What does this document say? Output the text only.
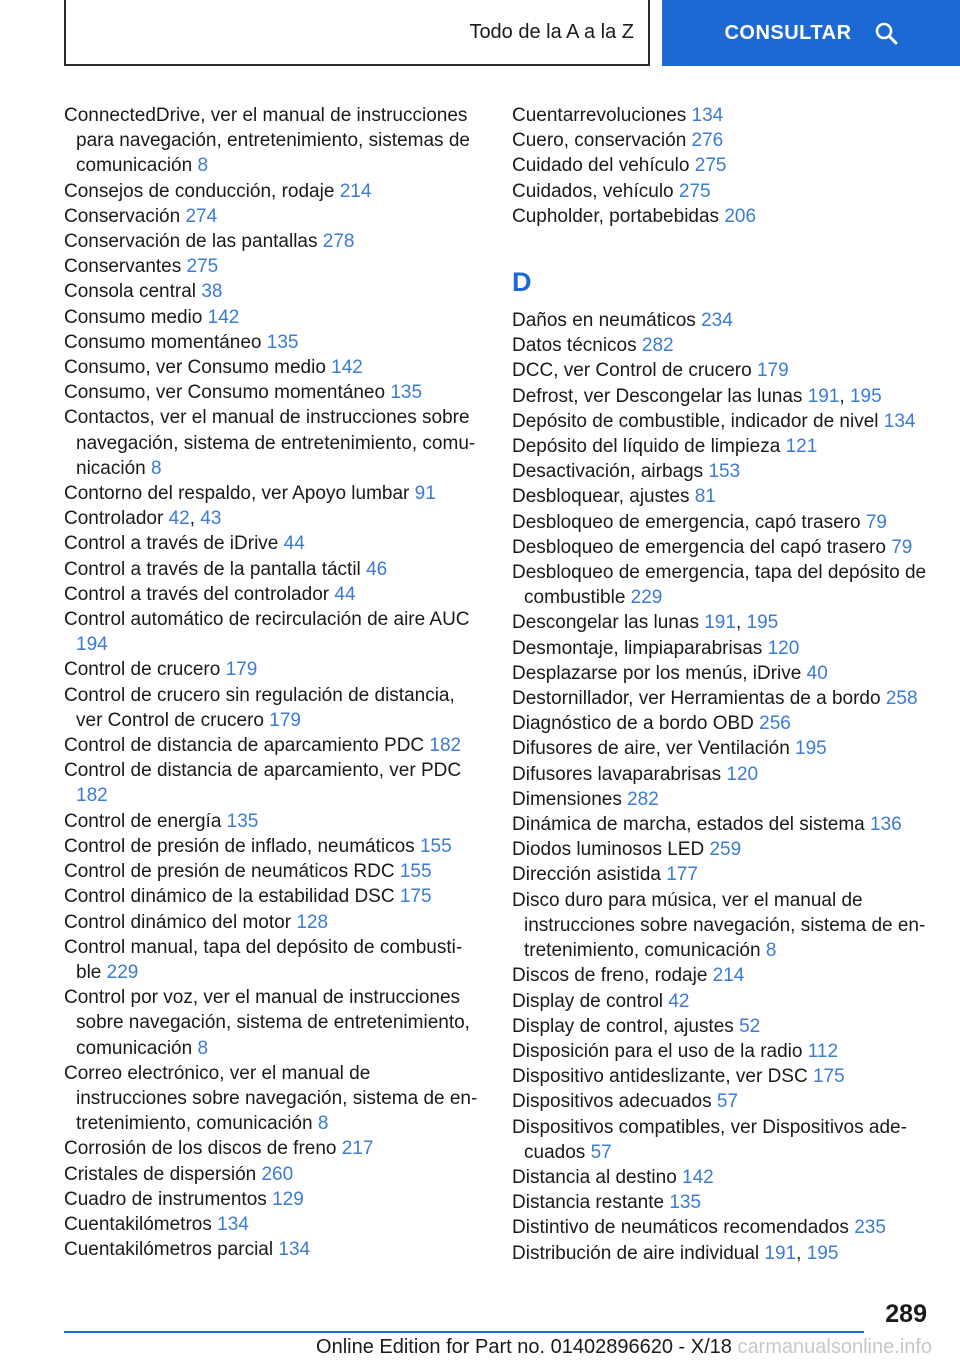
Todo de la A a la Z	CONSULTAR
ConnectedDrive, ver el manual de instrucciones para navegación, entretenimiento, sistemas de comunicación 8
Consejos de conducción, rodaje 214
Conservación 274
Conservación de las pantallas 278
Conservantes 275
Consola central 38
Consumo medio 142
Consumo momentáneo 135
Consumo, ver Consumo medio 142
Consumo, ver Consumo momentáneo 135
Contactos, ver el manual de instrucciones sobre navegación, sistema de entretenimiento, comunicación 8
Contorno del respaldo, ver Apoyo lumbar 91
Controlador 42, 43
Control a través de iDrive 44
Control a través de la pantalla táctil 46
Control a través del controlador 44
Control automático de recirculación de aire AUC 194
Control de crucero 179
Control de crucero sin regulación de distancia, ver Control de crucero 179
Control de distancia de aparcamiento PDC 182
Control de distancia de aparcamiento, ver PDC 182
Control de energía 135
Control de presión de inflado, neumáticos 155
Control de presión de neumáticos RDC 155
Control dinámico de la estabilidad DSC 175
Control dinámico del motor 128
Control manual, tapa del depósito de combustible 229
Control por voz, ver el manual de instrucciones sobre navegación, sistema de entretenimiento, comunicación 8
Correo electrónico, ver el manual de instrucciones sobre navegación, sistema de entretenimiento, comunicación 8
Corrosión de los discos de freno 217
Cristales de dispersión 260
Cuadro de instrumentos 129
Cuentakilómetros 134
Cuentakilómetros parcial 134
Cuentarrevoluciones 134
Cuero, conservación 276
Cuidado del vehículo 275
Cuidados, vehículo 275
Cupholder, portabebidas 206
D
Daños en neumáticos 234
Datos técnicos 282
DCC, ver Control de crucero 179
Defrost, ver Descongelar las lunas 191, 195
Depósito de combustible, indicador de nivel 134
Depósito del líquido de limpieza 121
Desactivación, airbags 153
Desbloquear, ajustes 81
Desbloqueo de emergencia, capó trasero 79
Desbloqueo de emergencia del capó trasero 79
Desbloqueo de emergencia, tapa del depósito de combustible 229
Descongelar las lunas 191, 195
Desmontaje, limpiaparabrisas 120
Desplazarse por los menús, iDrive 40
Destornillador, ver Herramientas de a bordo 258
Diagnóstico de a bordo OBD 256
Difusores de aire, ver Ventilación 195
Difusores lavaparabrisas 120
Dimensiones 282
Dinámica de marcha, estados del sistema 136
Diodos luminosos LED 259
Dirección asistida 177
Disco duro para música, ver el manual de instrucciones sobre navegación, sistema de entretenimiento, comunicación 8
Discos de freno, rodaje 214
Display de control 42
Display de control, ajustes 52
Disposición para el uso de la radio 112
Dispositivo antideslizante, ver DSC 175
Dispositivos adecuados 57
Dispositivos compatibles, ver Dispositivos adecuados 57
Distancia al destino 142
Distancia restante 135
Distintivo de neumáticos recomendados 235
Distribución de aire individual 191, 195
289
Online Edition for Part no. 01402896620 - X/18 carmanualsonline.info
